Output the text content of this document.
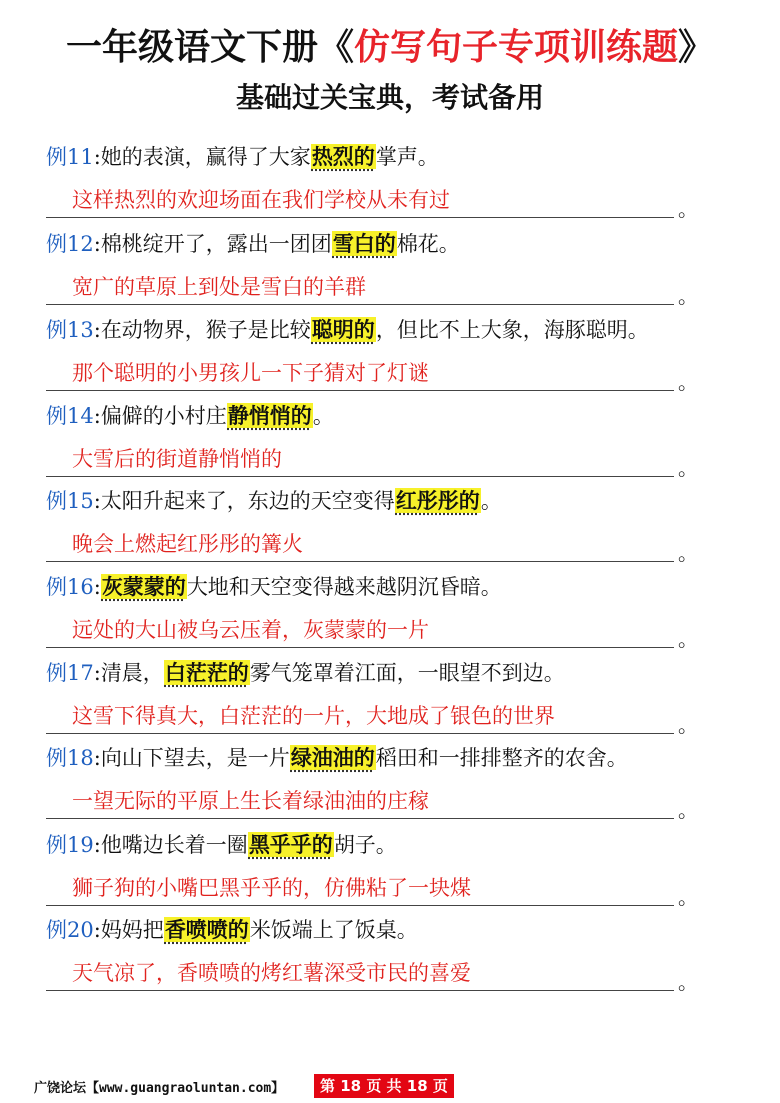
一年级语文下册《仿写句子专项训练题》
基础过关宝典，考试备用
例11:她的表演，赢得了大家热烈的掌声。
这样热烈的欢迎场面在我们学校从未有过	。
例12:棉桃绽开了，露出一团团雪白的棉花。
宽广的草原上到处是雪白的羊群	。
例13:在动物界，猴子是比较聪明的，但比不上大象，海豚聪明。
那个聪明的小男孩儿一下子猜对了灯谜	。
例14:偏僻的小村庄静悄悄的。
大雪后的街道静悄悄的	。
例15:太阳升起来了，东边的天空变得红彤彤的。
晚会上燃起红彤彤的篝火	。
例16:灰蒙蒙的大地和天空变得越来越阴沉昏暗。
远处的大山被乌云压着，灰蒙蒙的一片	。
例17:清晨，白茫茫的雾气笼罩着江面，一眼望不到边。
这雪下得真大，白茫茫的一片，大地成了银色的世界	。
例18:向山下望去，是一片绿油油的稻田和一排排整齐的农舍。
一望无际的平原上生长着绿油油的庄稼	。
例19:他嘴边长着一圈黑乎乎的胡子。
狮子狗的小嘴巴黑乎乎的，仿佛粘了一块煤	。
例20:妈妈把香喷喷的米饭端上了饭桌。
天气凉了，香喷喷的烤红薯深受市民的喜爱	。
广饶论坛【www.guangraoluntan.com】	第 18 页 共 18 页
